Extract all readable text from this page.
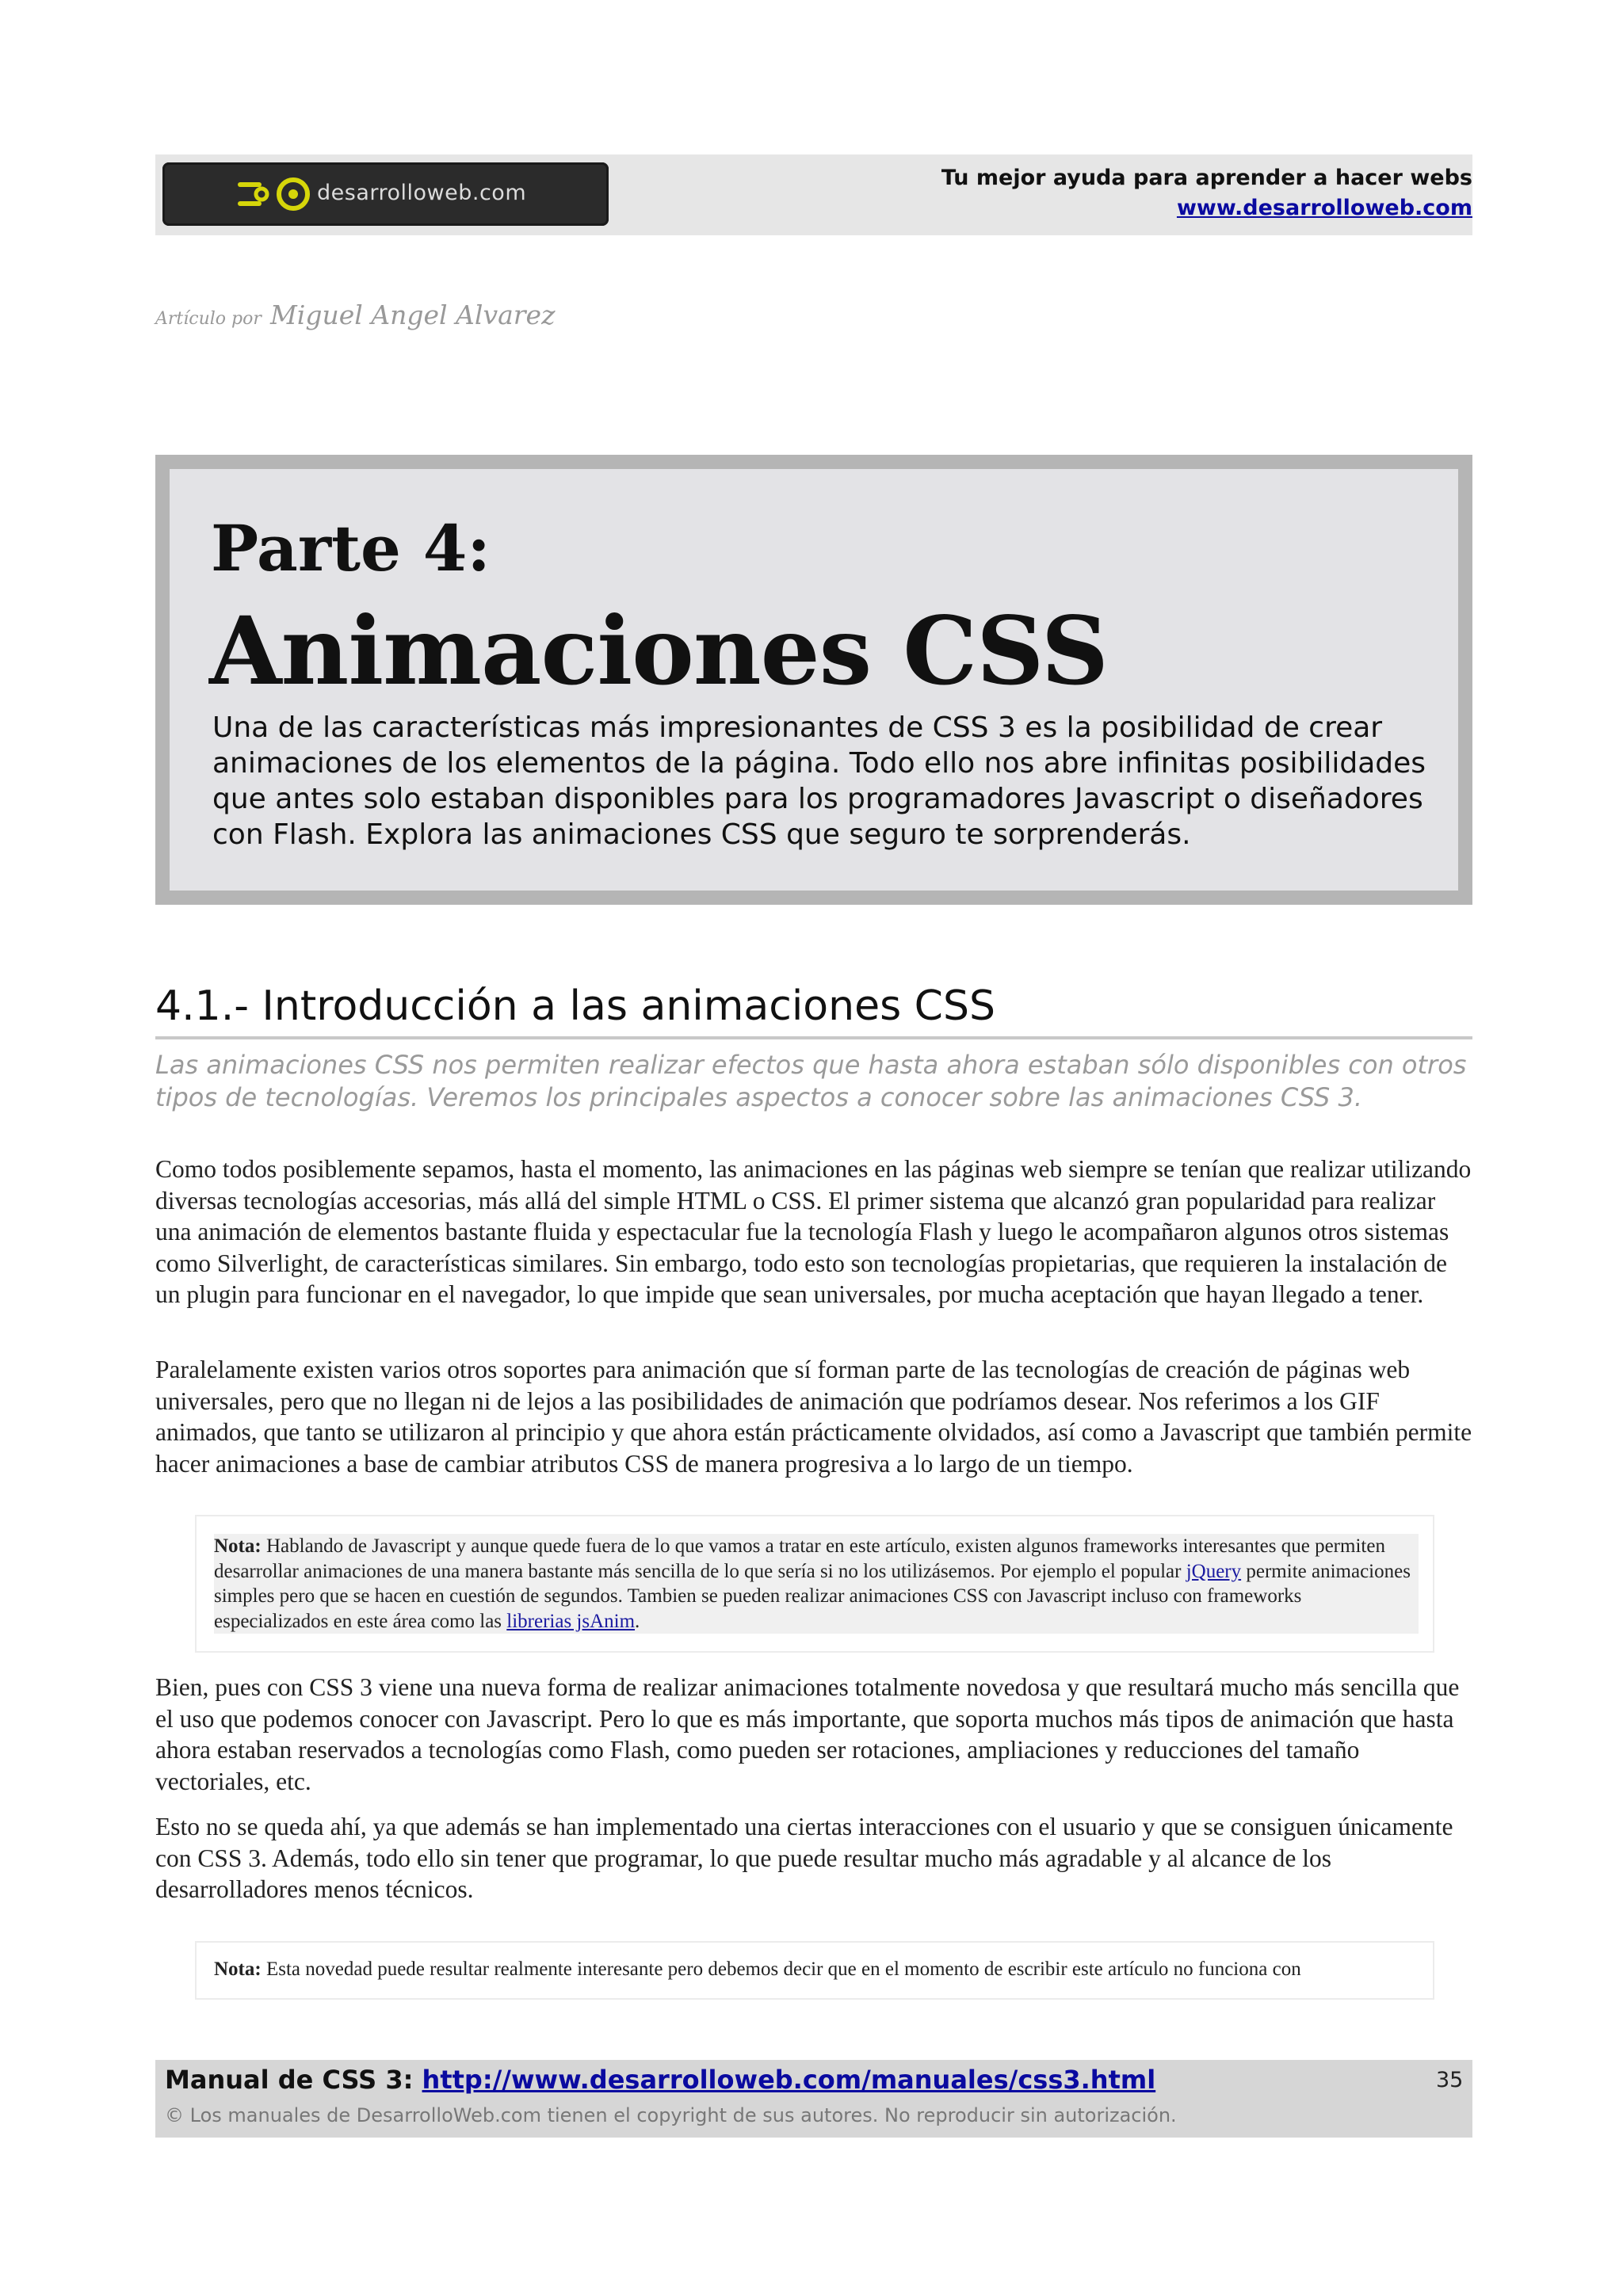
desarrolloweb.com
Tu mejor ayuda para aprender a hacer webs
www.desarrolloweb.com
Artículo por Miguel Angel Alvarez
Parte 4:
Animaciones CSS
Una de las características más impresionantes de CSS 3 es la posibilidad de crear animaciones de los elementos de la página. Todo ello nos abre infinitas posibilidades que antes solo estaban disponibles para los programadores Javascript o diseñadores con Flash. Explora las animaciones CSS que seguro te sorprenderás.
4.1.- Introducción a las animaciones CSS
Las animaciones CSS nos permiten realizar efectos que hasta ahora estaban sólo disponibles con otros tipos de tecnologías. Veremos los principales aspectos a conocer sobre las animaciones CSS 3.
Como todos posiblemente sepamos, hasta el momento, las animaciones en las páginas web siempre se tenían que realizar utilizando diversas tecnologías accesorias, más allá del simple HTML o CSS. El primer sistema que alcanzó gran popularidad para realizar una animación de elementos bastante fluida y espectacular fue la tecnología Flash y luego le acompañaron algunos otros sistemas como Silverlight, de características similares. Sin embargo, todo esto son tecnologías propietarias, que requieren la instalación de un plugin para funcionar en el navegador, lo que impide que sean universales, por mucha aceptación que hayan llegado a tener.
Paralelamente existen varios otros soportes para animación que sí forman parte de las tecnologías de creación de páginas web universales, pero que no llegan ni de lejos a las posibilidades de animación que podríamos desear. Nos referimos a los GIF animados, que tanto se utilizaron al principio y que ahora están prácticamente olvidados, así como a Javascript que también permite hacer animaciones a base de cambiar atributos CSS de manera progresiva a lo largo de un tiempo.
Nota: Hablando de Javascript y aunque quede fuera de lo que vamos a tratar en este artículo, existen algunos frameworks interesantes que permiten desarrollar animaciones de una manera bastante más sencilla de lo que sería si no los utilizásemos. Por ejemplo el popular jQuery permite animaciones simples pero que se hacen en cuestión de segundos. Tambien se pueden realizar animaciones CSS con Javascript incluso con frameworks especializados en este área como las librerias jsAnim.
Bien, pues con CSS 3 viene una nueva forma de realizar animaciones totalmente novedosa y que resultará mucho más sencilla que el uso que podemos conocer con Javascript. Pero lo que es más importante, que soporta muchos más tipos de animación que hasta ahora estaban reservados a tecnologías como Flash, como pueden ser rotaciones, ampliaciones y reducciones del tamaño vectoriales, etc.
Esto no se queda ahí, ya que además se han implementado una ciertas interacciones con el usuario y que se consiguen únicamente con CSS 3. Además, todo ello sin tener que programar, lo que puede resultar mucho más agradable y al alcance de los desarrolladores menos técnicos.
Nota: Esta novedad puede resultar realmente interesante pero debemos decir que en el momento de escribir este artículo no funciona con
Manual de CSS 3: http://www.desarrolloweb.com/manuales/css3.html	35
© Los manuales de DesarrolloWeb.com tienen el copyright de sus autores. No reproducir sin autorización.
